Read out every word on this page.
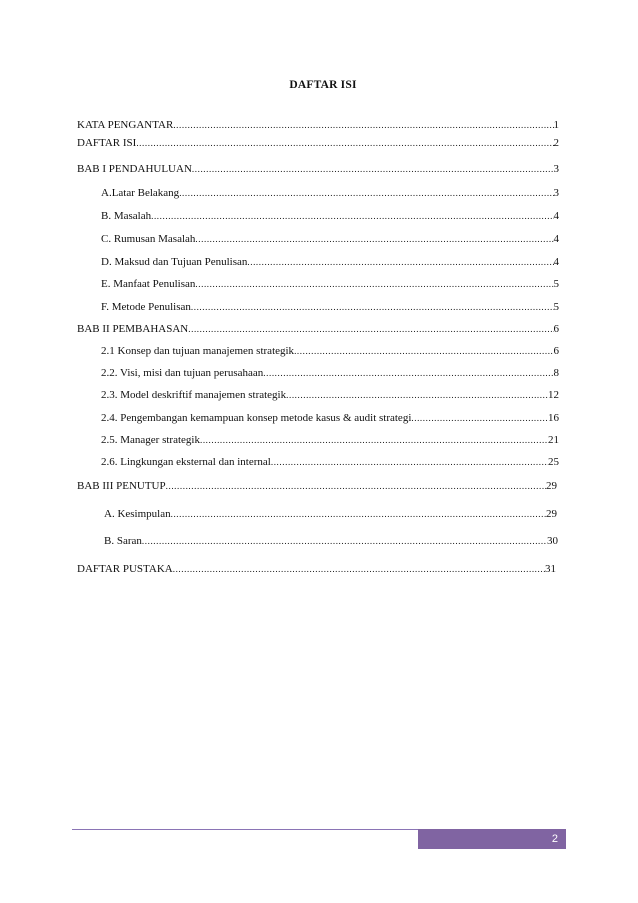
DAFTAR ISI
KATA PENGANTAR .....	1
DAFTAR ISI .....	2
BAB I PENDAHULUAN .....	3
A.Latar Belakang .....	3
B. Masalah .....	4
C. Rumusan Masalah .....	4
D. Maksud dan Tujuan Penulisan .....	4
E. Manfaat Penulisan .....	5
F. Metode Penulisan .....	5
BAB II PEMBAHASAN .....	6
2.1 Konsep dan tujuan manajemen strategik .....	6
2.2. Visi, misi dan tujuan perusahaan .....	8
2.3. Model deskriftif manajemen strategik .....	12
2.4. Pengembangan kemampuan konsep metode kasus & audit strategi .....	16
2.5. Manager strategik .....	21
2.6. Lingkungan eksternal dan internal .....	25
BAB III PENUTUP .....	29
A. Kesimpulan .....	29
B. Saran .....	30
DAFTAR PUSTAKA .....	31
2
